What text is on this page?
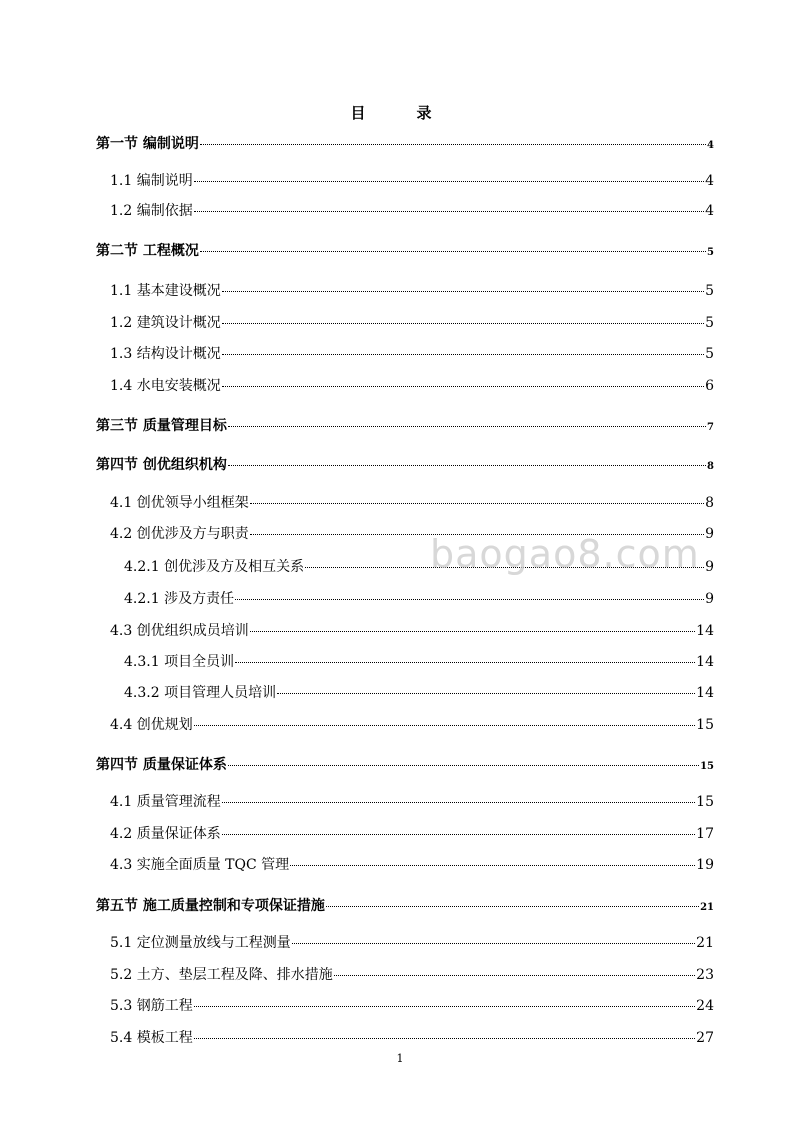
目　录
第一节 编制说明	4
1.1 编制说明	4
1.2 编制依据	4
第二节 工程概况	5
1.1 基本建设概况	5
1.2 建筑设计概况	5
1.3 结构设计概况	5
1.4 水电安装概况	6
第三节 质量管理目标	7
第四节 创优组织机构	8
4.1 创优领导小组框架	8
4.2 创优涉及方与职责	9
4.2.1 创优涉及方及相互关系	9
4.2.1 涉及方责任	9
4.3 创优组织成员培训	14
4.3.1 项目全员训	14
4.3.2 项目管理人员培训	14
4.4 创优规划	15
第四节 质量保证体系	15
4.1 质量管理流程	15
4.2 质量保证体系	17
4.3 实施全面质量 TQC 管理	19
第五节 施工质量控制和专项保证措施	21
5.1 定位测量放线与工程测量	21
5.2 土方、垫层工程及降、排水措施	23
5.3 钢筋工程	24
5.4 模板工程	27
baogao8.com
1
